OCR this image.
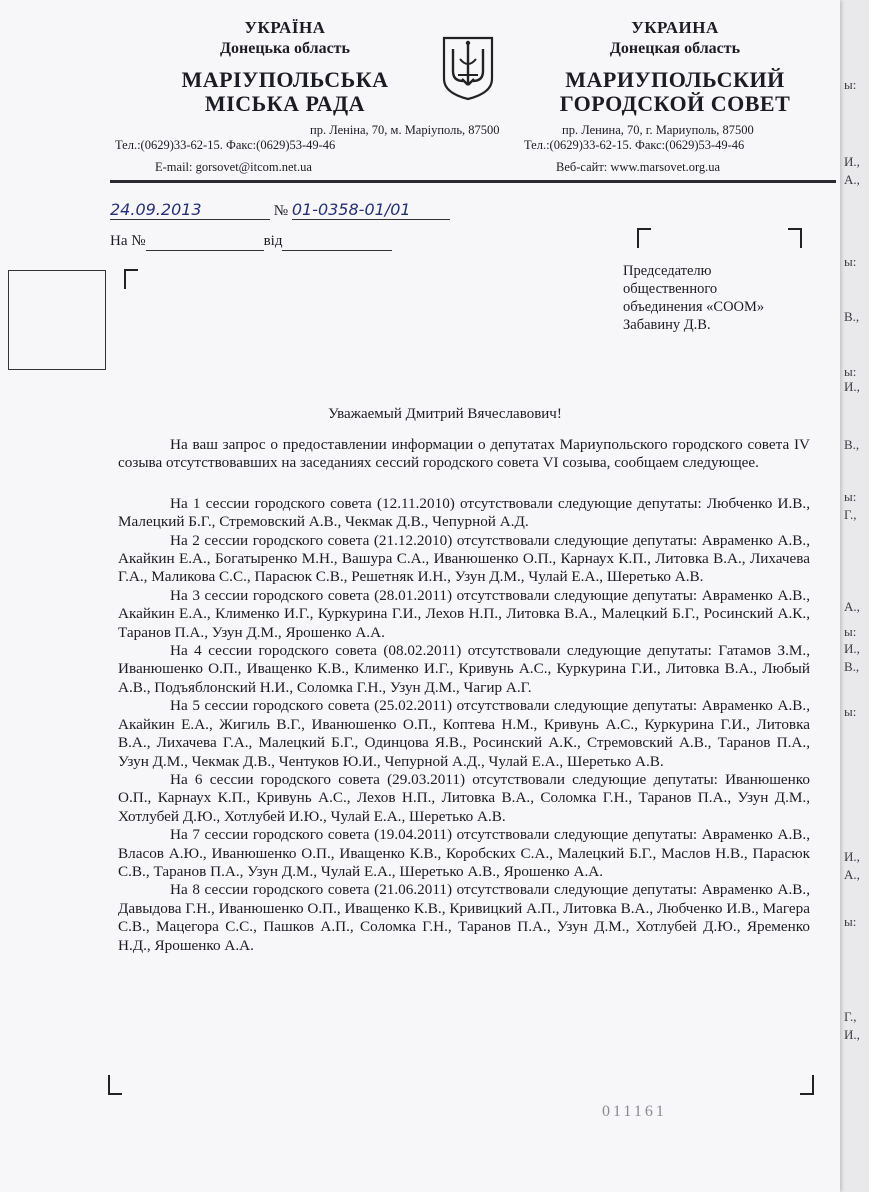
УКРАЇНА
Донецька область
МАРІУПОЛЬСЬКА
МІСЬКА РАДА
УКРАИНА
Донецкая область
МАРИУПОЛЬСКИЙ
ГОРОДСКОЙ СОВЕТ
пр. Леніна, 70, м. Маріуполь, 87500
Тел.:(0629)33-62-15. Факс:(0629)53-49-46
E-mail: gorsovet@itcom.net.ua
пр. Ленина, 70, г. Мариуполь, 87500
Тел.:(0629)33-62-15. Факс:(0629)53-49-46
Веб-сайт: www.marsovet.org.ua
24.09.2013	№ 01-0358-01/01
На №	від
Председателю
общественного
объединения «СООМ»
Забавину Д.В.
Уважаемый Дмитрий Вячеславович!

На ваш запрос о предоставлении информации о депутатах Мариупольского городского совета IV созыва отсутствовавших на заседаниях сессий городского совета VI созыва, сообщаем следующее.

На 1 сессии городского совета (12.11.2010) отсутствовали следующие депутаты: Любченко И.В., Малецкий Б.Г., Стремовский А.В., Чекмак Д.В., Чепурной А.Д.

На 2 сессии городского совета (21.12.2010) отсутствовали следующие депутаты: Авраменко А.В., Акайкин Е.А., Богатыренко М.Н., Вашура С.А., Иванюшенко О.П., Карнаух К.П., Литовка В.А., Лихачева Г.А., Маликова С.С., Парасюк С.В., Решетняк И.Н., Узун Д.М., Чулай Е.А., Шеретько А.В.

На 3 сессии городского совета (28.01.2011) отсутствовали следующие депутаты: Авраменко А.В., Акайкин Е.А., Клименко И.Г., Куркурина Г.И., Лехов Н.П., Литовка В.А., Малецкий Б.Г., Росинский А.К., Таранов П.А., Узун Д.М., Ярошенко А.А.

На 4 сессии городского совета (08.02.2011) отсутствовали следующие депутаты: Гатамов З.М., Иванюшенко О.П., Иващенко К.В., Клименко И.Г., Кривунь А.С., Куркурина Г.И., Литовка В.А., Любый А.В., Подъяблонский Н.И., Соломка Г.Н., Узун Д.М., Чагир А.Г.

На 5 сессии городского совета (25.02.2011) отсутствовали следующие депутаты: Авраменко А.В., Акайкин Е.А., Жигиль В.Г., Иванюшенко О.П., Коптева Н.М., Кривунь А.С., Куркурина Г.И., Литовка В.А., Лихачева Г.А., Малецкий Б.Г., Одинцова Я.В., Росинский А.К., Стремовский А.В., Таранов П.А., Узун Д.М., Чекмак Д.В., Чентуков Ю.И., Чепурной А.Д., Чулай Е.А., Шеретько А.В.

На 6 сессии городского совета (29.03.2011) отсутствовали следующие депутаты: Иванюшенко О.П., Карнаух К.П., Кривунь А.С., Лехов Н.П., Литовка В.А., Соломка Г.Н., Таранов П.А., Узун Д.М., Хотлубей Д.Ю., Хотлубей И.Ю., Чулай Е.А., Шеретько А.В.

На 7 сессии городского совета (19.04.2011) отсутствовали следующие депутаты: Авраменко А.В., Власов А.Ю., Иванюшенко О.П., Иващенко К.В., Коробских С.А., Малецкий Б.Г., Маслов Н.В., Парасюк С.В., Таранов П.А., Узун Д.М., Чулай Е.А., Шеретько А.В., Ярошенко А.А.

На 8 сессии городского совета (21.06.2011) отсутствовали следующие депутаты: Авраменко А.В., Давыдова Г.Н., Иванюшенко О.П., Иващенко К.В., Кривицкий А.П., Литовка В.А., Любченко И.В., Магера С.В., Мацегора С.С., Пашков А.П., Соломка Г.Н., Таранов П.А., Узун Д.М., Хотлубей Д.Ю., Яременко Н.Д., Ярошенко А.А.

011161
ы:
И.,
А.,
ы:
В.,
ы:
И.,
В.,
ы:
Г.,
А.,
ы:
И.,
В.,
ы:
И.,
А.,
ы:
Г.,
И.,
